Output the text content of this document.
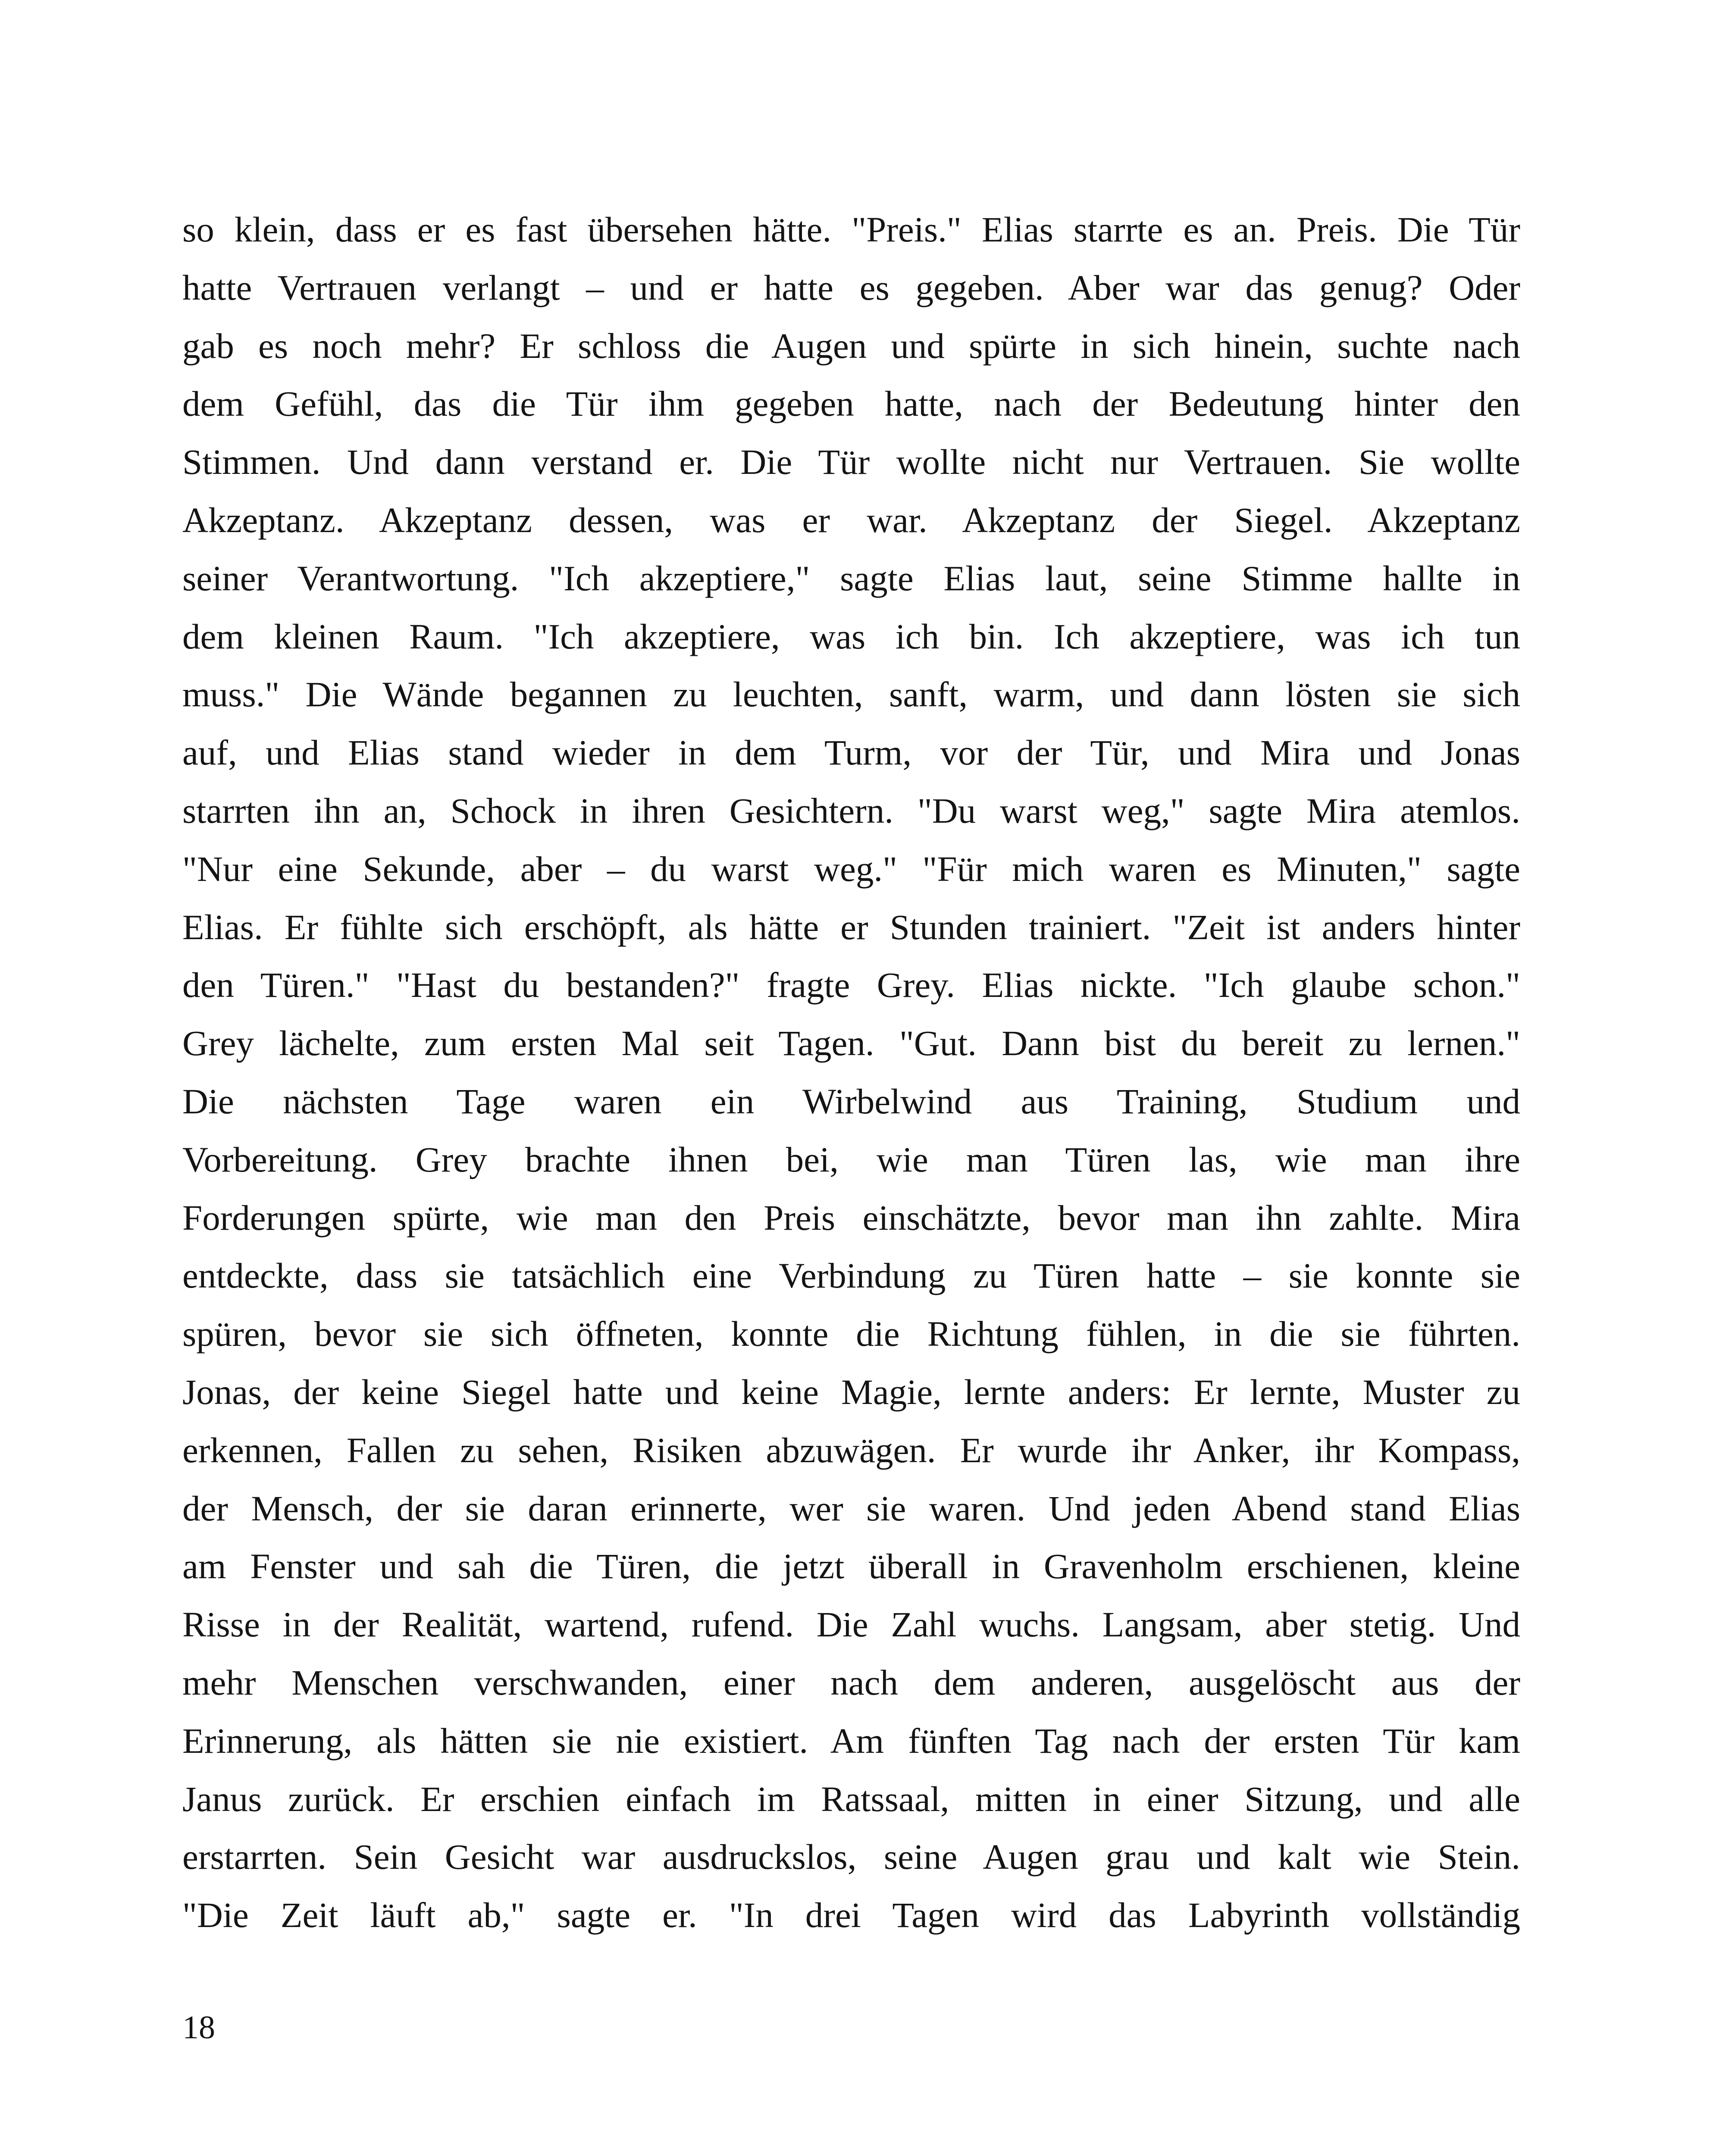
so klein, dass er es fast übersehen hätte. "Preis." Elias starrte es an. Preis. Die Tür
hatte Vertrauen verlangt – und er hatte es gegeben. Aber war das genug? Oder
gab es noch mehr? Er schloss die Augen und spürte in sich hinein, suchte nach
dem Gefühl, das die Tür ihm gegeben hatte, nach der Bedeutung hinter den
Stimmen. Und dann verstand er. Die Tür wollte nicht nur Vertrauen. Sie wollte
Akzeptanz. Akzeptanz dessen, was er war. Akzeptanz der Siegel. Akzeptanz
seiner Verantwortung. "Ich akzeptiere," sagte Elias laut, seine Stimme hallte in
dem kleinen Raum. "Ich akzeptiere, was ich bin. Ich akzeptiere, was ich tun
muss." Die Wände begannen zu leuchten, sanft, warm, und dann lösten sie sich
auf, und Elias stand wieder in dem Turm, vor der Tür, und Mira und Jonas
starrten ihn an, Schock in ihren Gesichtern. "Du warst weg," sagte Mira atemlos.
"Nur eine Sekunde, aber – du warst weg." "Für mich waren es Minuten," sagte
Elias. Er fühlte sich erschöpft, als hätte er Stunden trainiert. "Zeit ist anders hinter
den Türen." "Hast du bestanden?" fragte Grey. Elias nickte. "Ich glaube schon."
Grey lächelte, zum ersten Mal seit Tagen. "Gut. Dann bist du bereit zu lernen."
Die nächsten Tage waren ein Wirbelwind aus Training, Studium und
Vorbereitung. Grey brachte ihnen bei, wie man Türen las, wie man ihre
Forderungen spürte, wie man den Preis einschätzte, bevor man ihn zahlte. Mira
entdeckte, dass sie tatsächlich eine Verbindung zu Türen hatte – sie konnte sie
spüren, bevor sie sich öffneten, konnte die Richtung fühlen, in die sie führten.
Jonas, der keine Siegel hatte und keine Magie, lernte anders: Er lernte, Muster zu
erkennen, Fallen zu sehen, Risiken abzuwägen. Er wurde ihr Anker, ihr Kompass,
der Mensch, der sie daran erinnerte, wer sie waren. Und jeden Abend stand Elias
am Fenster und sah die Türen, die jetzt überall in Gravenholm erschienen, kleine
Risse in der Realität, wartend, rufend. Die Zahl wuchs. Langsam, aber stetig. Und
mehr Menschen verschwanden, einer nach dem anderen, ausgelöscht aus der
Erinnerung, als hätten sie nie existiert. Am fünften Tag nach der ersten Tür kam
Janus zurück. Er erschien einfach im Ratssaal, mitten in einer Sitzung, und alle
erstarrten. Sein Gesicht war ausdruckslos, seine Augen grau und kalt wie Stein.
"Die Zeit läuft ab," sagte er. "In drei Tagen wird das Labyrinth vollständig
18
